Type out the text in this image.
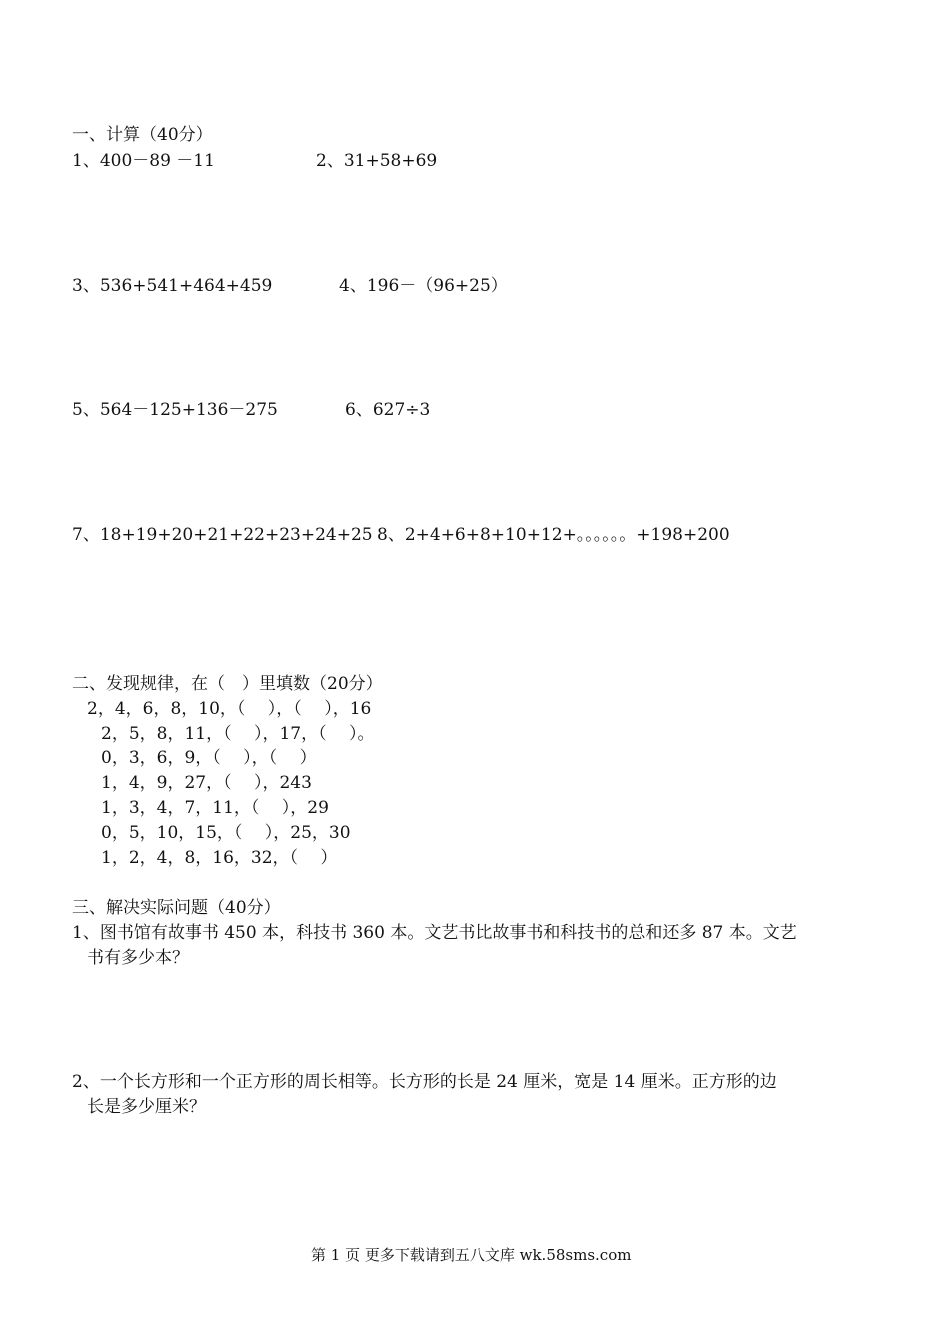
一、计算（40分）
1、400－89 －11	2、31+58+69
3、536+541+464+459	4、196－（96+25）
5、564－125+136－275	6、627÷3
7、18+19+20+21+22+23+24+25 8、2+4+6+8+10+12+。。。。。。+198+200
二、发现规律，在（　）里填数（20分）
2，4，6，8，10，（　 ），（　 ），16
2，5，8，11，（　 ），17，（　 ）。
0，3，6，9，（　 ），（　 ）
1，4，9，27，（　 ），243
1，3，4，7，11，（　 ），29
0，5，10，15，（　 ），25，30
1，2，4，8，16，32，（　 ）
三、解决实际问题（40分）
1、图书馆有故事书 450 本，科技书 360 本。文艺书比故事书和科技书的总和还多 87 本。文艺
书有多少本？
2、一个长方形和一个正方形的周长相等。长方形的长是 24 厘米，宽是 14 厘米。正方形的边
长是多少厘米？
第 1 页 更多下载请到五八文库 wk.58sms.com
